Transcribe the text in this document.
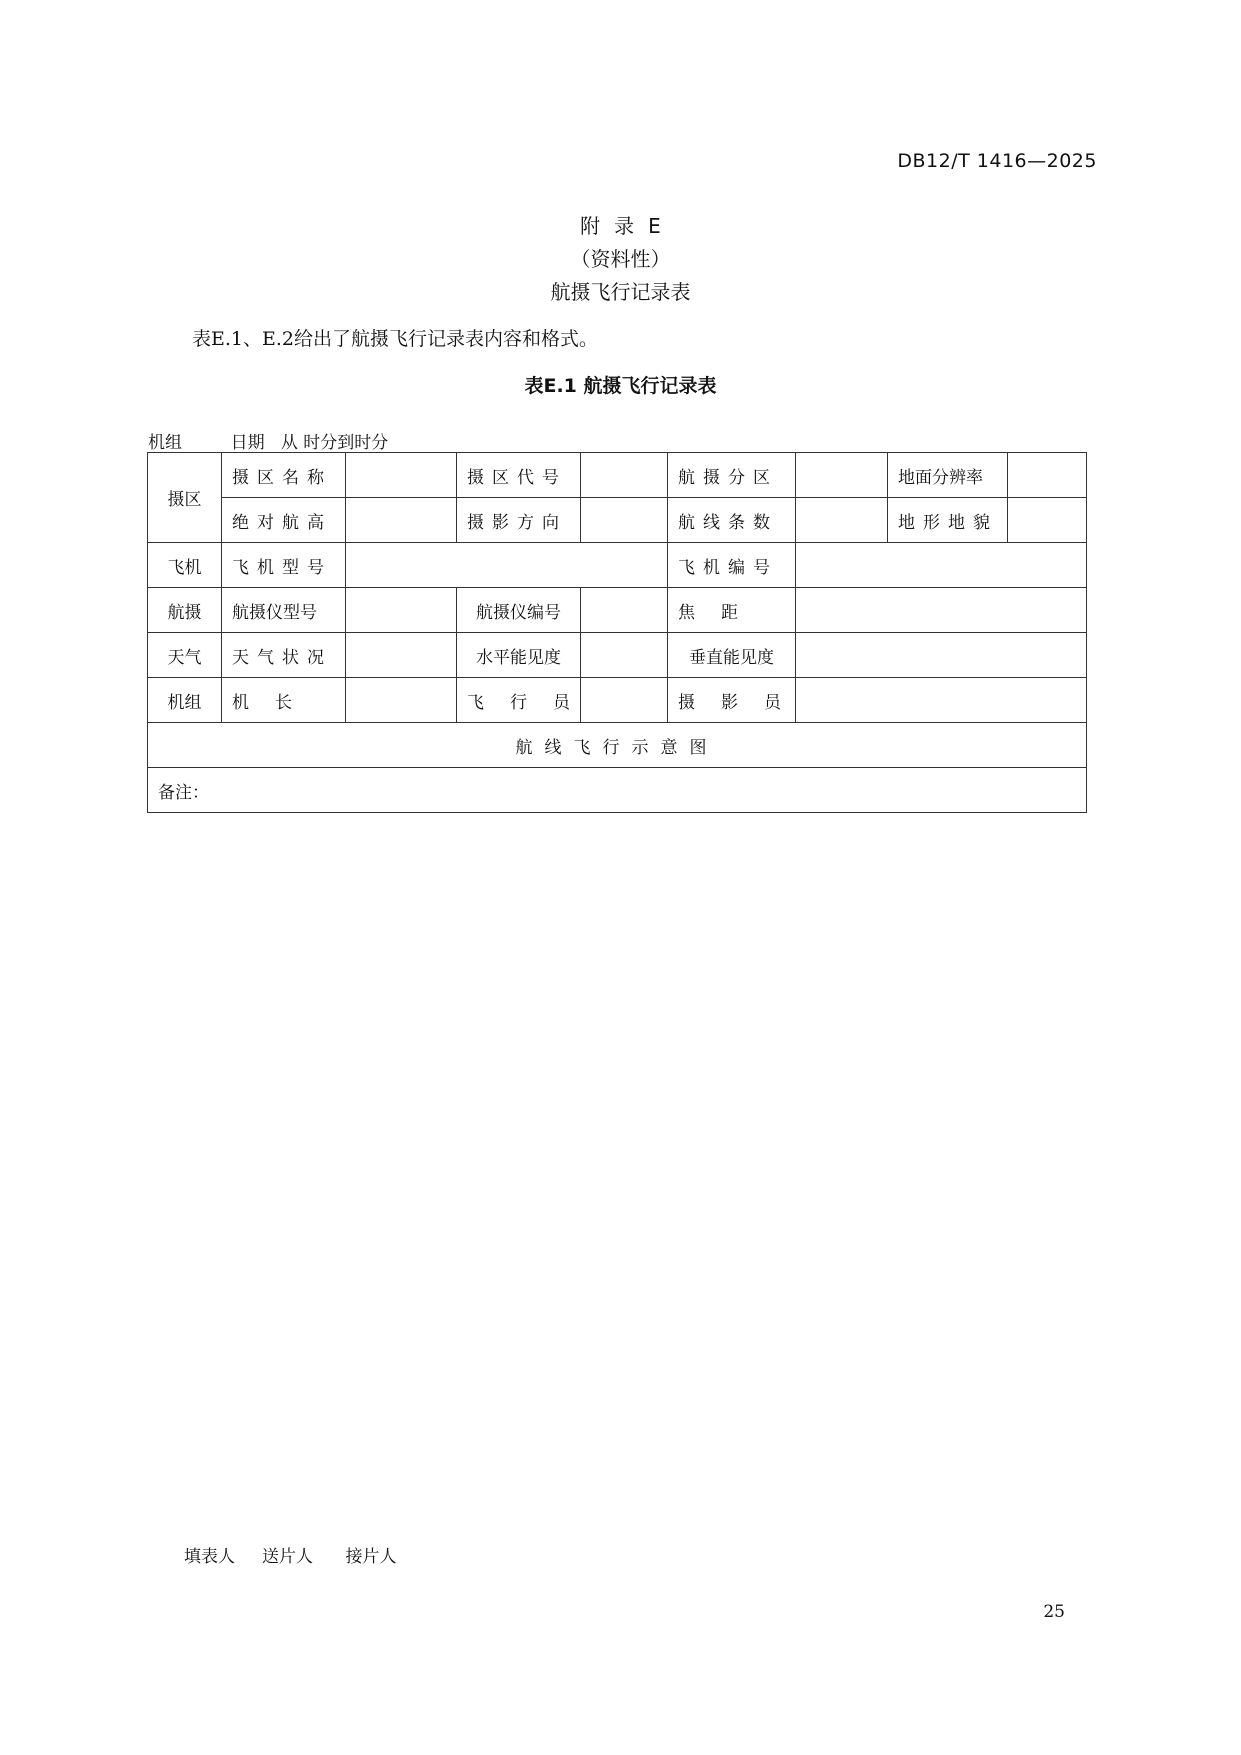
DB12/T 1416—2025
附录E
（资料性）
航摄飞行记录表
表E.1、E.2给出了航摄飞行记录表内容和格式。
表E.1 航摄飞行记录表
机组         日期   从 时分到时分
摄区	摄区名称		摄区代号		航摄分区		地面分辨率	
	绝对航高		摄影方向		航线条数		地形地貌	
飞机	飞机型号				飞机编号			
航摄	航摄仪型号		航摄仪编号		焦距			
天气	天气状况		水平能见度		垂直能见度			
机组	机长		飞行员		摄影员			
航线飞行示意图								
备注：								
填表人     送片人      接片人
25
